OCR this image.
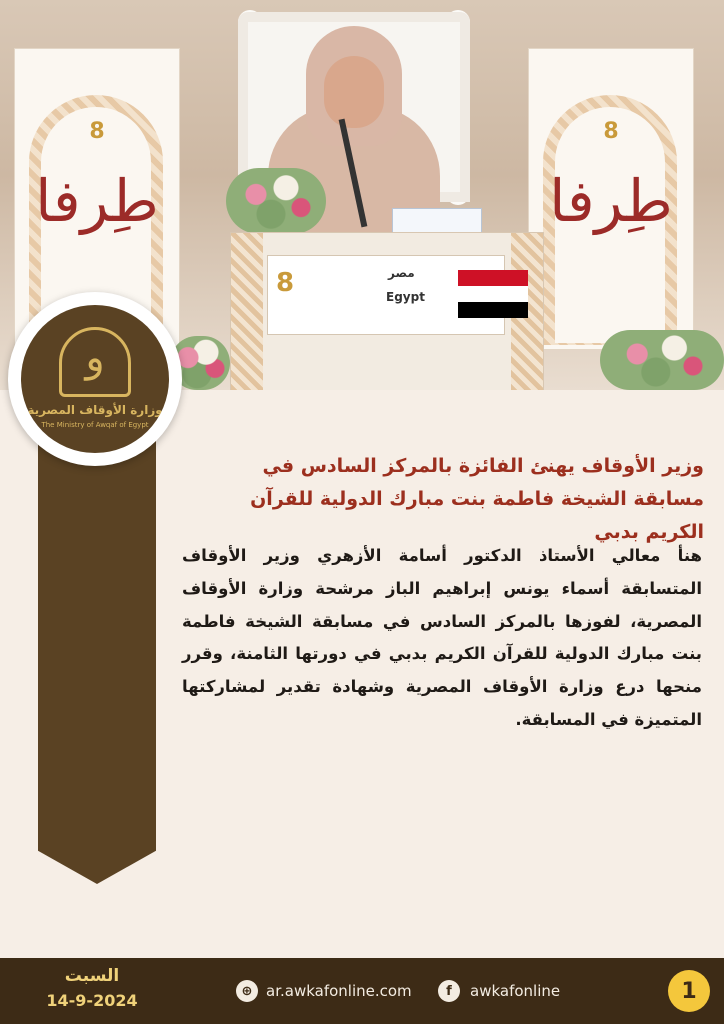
8
طِرفا
8
طِرفا
8	مصر
Egypt
و
وزارة الأوقاف المصرية
The Ministry of Awqaf of Egypt
وزير الأوقاف يهنئ الفائزة بالمركز السادس في مسابقة الشيخة فاطمة بنت مبارك الدولية للقرآن الكريم بدبي
هنأ معالي الأستاذ الدكتور أسامة الأزهري وزير الأوقاف المتسابقة أسماء يونس إبراهيم الباز مرشحة وزارة الأوقاف المصرية، لفوزها بالمركز السادس في مسابقة الشيخة فاطمة بنت مبارك الدولية للقرآن الكريم بدبي في دورتها الثامنة، وقرر منحها درع وزارة الأوقاف المصرية وشهادة تقدير لمشاركتها المتميزة في المسابقة.
السبت
14-9-2024	⊕ ar.awkafonline.com	f	awkafonline	1
